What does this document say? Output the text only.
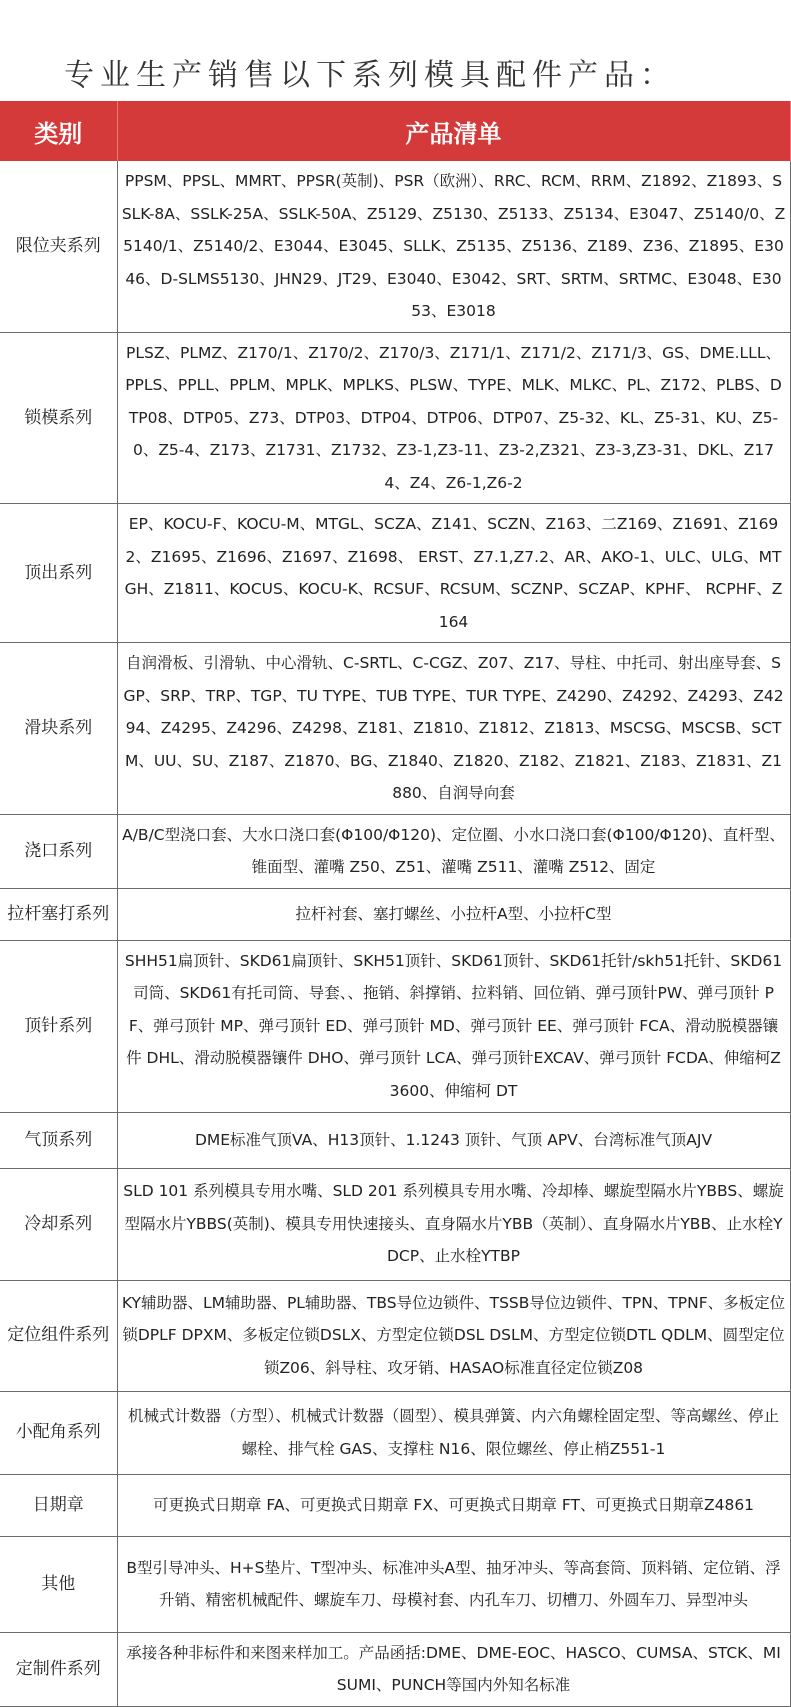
专业生产销售以下系列模具配件产品：
类别	产品清单
限位夹系列	PPSM、PPSL、MMRT、PPSR(英制)、PSR（欧洲）、RRC、RCM、RRM、Z1892、Z1893、SSLK-8A、SSLK-25A、SSLK-50A、Z5129、Z5130、Z5133、Z5134、E3047、Z5140/0、Z5140/1、Z5140/2、E3044、E3045、SLLK、Z5135、Z5136、Z189、Z36、Z1895、E3046、D-SLMS5130、JHN29、JT29、E3040、E3042、SRT、SRTM、SRTMC、E3048、E3053、E3018
锁模系列	PLSZ、PLMZ、Z170/1、Z170/2、Z170/3、Z171/1、Z171/2、Z171/3、GS、DME.LLL、PPLS、PPLL、PPLM、MPLK、MPLKS、PLSW、TYPE、MLK、MLKC、PL、Z172、PLBS、DTP08、DTP05、Z73、DTP03、DTP04、DTP06、DTP07、Z5-32、KL、Z5-31、KU、Z5-0、Z5-4、Z173、Z1731、Z1732、Z3-1,Z3-11、Z3-2,Z321、Z3-3,Z3-31、DKL、Z174、Z4、Z6-1,Z6-2
顶出系列	EP、KOCU-F、KOCU-M、MTGL、SCZA、Z141、SCZN、Z163、二Z169、Z1691、Z1692、Z1695、Z1696、Z1697、Z1698、 ERST、Z7.1,Z7.2、AR、AKO-1、ULC、ULG、MTGH、Z1811、KOCUS、KOCU-K、RCSUF、RCSUM、SCZNP、SCZAP、KPHF、 RCPHF、Z164
滑块系列	自润滑板、引滑轨、中心滑轨、C-SRTL、C-CGZ、Z07、Z17、导柱、中托司、射出座导套、SGP、SRP、TRP、TGP、TU TYPE、TUB TYPE、TUR TYPE、Z4290、Z4292、Z4293、Z4294、Z4295、Z4296、Z4298、Z181、Z1810、Z1812、Z1813、MSCSG、MSCSB、SCTM、UU、SU、Z187、Z1870、BG、Z1840、Z1820、Z182、Z1821、Z183、Z1831、Z1880、自润导向套
浇口系列	A/B/C型浇口套、大水口浇口套(Φ100/Φ120)、定位圈、小水口浇口套(Φ100/Φ120)、直杆型、锥面型、灌嘴 Z50、Z51、灌嘴 Z511、灌嘴 Z512、固定
拉杆塞打系列	拉杆衬套、塞打螺丝、小拉杆A型、小拉杆C型
顶针系列	SHH51扁顶针、SKD61扁顶针、SKH51顶针、SKD61顶针、SKD61托针/skh51托针、SKD61司筒、SKD61有托司筒、导套、、拖销、斜撑销、拉料销、回位销、弹弓顶针PW、弹弓顶针 PF、弹弓顶针 MP、弹弓顶针 ED、弹弓顶针 MD、弹弓顶针 EE、弹弓顶针 FCA、滑动脱模器镶件 DHL、滑动脱模器镶件 DHO、弹弓顶针 LCA、弹弓顶针EXCAV、弹弓顶针 FCDA、伸缩柯Z3600、伸缩柯 DT
气顶系列	DME标准气顶VA、H13顶针、1.1243 顶针、气顶 APV、台湾标准气顶AJV
冷却系列	SLD 101 系列模具专用水嘴、SLD 201 系列模具专用水嘴、冷却棒、螺旋型隔水片YBBS、螺旋型隔水片YBBS(英制)、模具专用快速接头、直身隔水片YBB（英制）、直身隔水片YBB、止水栓YDCP、止水栓YTBP
定位组件系列	KY辅助器、LM辅助器、PL辅助器、TBS导位边锁件、TSSB导位边锁件、TPN、TPNF、多板定位锁DPLF DPXM、多板定位锁DSLX、方型定位锁DSL DSLM、方型定位锁DTL QDLM、圆型定位锁Z06、斜导柱、攻牙销、HASAO标准直径定位锁Z08
小配角系列	机械式计数器（方型）、机械式计数器（圆型）、模具弹簧、内六角螺栓固定型、等高螺丝、停止螺栓、排气栓 GAS、支撑柱 N16、限位螺丝、停止梢Z551-1
日期章	可更换式日期章 FA、可更换式日期章 FX、可更换式日期章 FT、可更换式日期章Z4861
其他	B型引导冲头、H+S垫片、T型冲头、标准冲头A型、抽牙冲头、等高套筒、顶料销、定位销、浮升销、精密机械配件、螺旋车刀、母模衬套、内孔车刀、切槽刀、外圆车刀、异型冲头
定制件系列	承接各种非标件和来图来样加工。产品函括:DME、DME-EOC、HASCO、CUMSA、STCK、MISUMI、PUNCH等国内外知名标准
